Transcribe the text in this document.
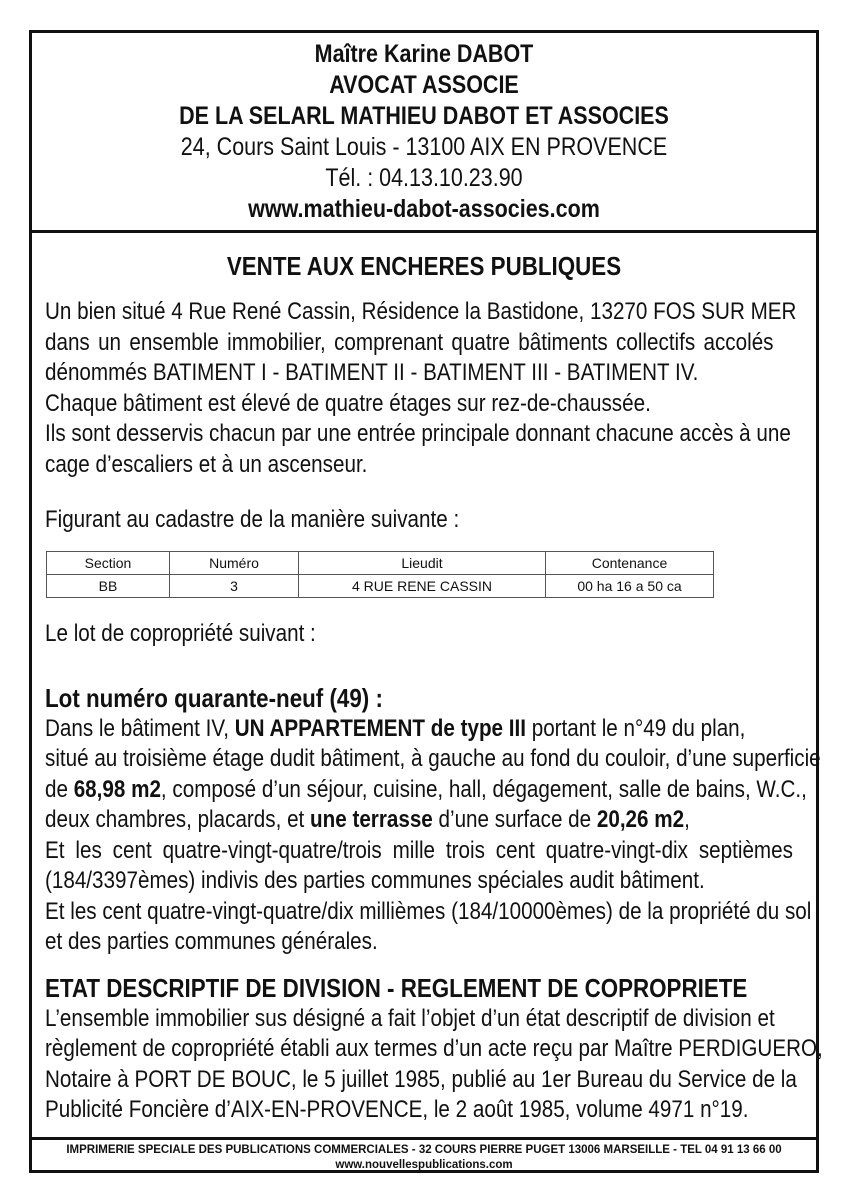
Maître Karine DABOT
AVOCAT ASSOCIE
DE LA SELARL MATHIEU DABOT ET ASSOCIES
24, Cours Saint Louis - 13100 AIX EN PROVENCE
Tél. : 04.13.10.23.90
www.mathieu-dabot-associes.com
VENTE AUX ENCHERES PUBLIQUES
Un bien situé 4 Rue René Cassin, Résidence la Bastidone, 13270 FOS SUR MER
dans un ensemble immobilier, comprenant quatre bâtiments collectifs accolés
dénommés BATIMENT I - BATIMENT II - BATIMENT III - BATIMENT IV.
Chaque bâtiment est élevé de quatre étages sur rez-de-chaussée.
Ils sont desservis chacun par une entrée principale donnant chacune accès à une
cage d’escaliers et à un ascenseur.
Figurant au cadastre de la manière suivante :
Section	Numéro	Lieudit	Contenance
BB	3	4 RUE RENE CASSIN	00 ha 16 a 50 ca
Le lot de copropriété suivant :
Lot numéro quarante-neuf (49) :
Dans le bâtiment IV, UN APPARTEMENT de type III portant le n°49 du plan,
situé au troisième étage dudit bâtiment, à gauche au fond du couloir, d’une superficie
de 68,98 m2, composé d’un séjour, cuisine, hall, dégagement, salle de bains, W.C.,
deux chambres, placards, et une terrasse d’une surface de 20,26 m2,
Et les cent quatre-vingt-quatre/trois mille trois cent quatre-vingt-dix septièmes
(184/3397èmes) indivis des parties communes spéciales audit bâtiment.
Et les cent quatre-vingt-quatre/dix millièmes (184/10000èmes) de la propriété du sol
et des parties communes générales.
ETAT DESCRIPTIF DE DIVISION - REGLEMENT DE COPROPRIETE
L’ensemble immobilier sus désigné a fait l’objet d’un état descriptif de division et
règlement de copropriété établi aux termes d’un acte reçu par Maître PERDIGUERO,
Notaire à PORT DE BOUC, le 5 juillet 1985, publié au 1er Bureau du Service de la
Publicité Foncière d’AIX-EN-PROVENCE, le 2 août 1985, volume 4971 n°19.
IMPRIMERIE SPECIALE DES PUBLICATIONS COMMERCIALES - 32 COURS PIERRE PUGET 13006 MARSEILLE - TEL 04 91 13 66 00
www.nouvellespublications.com
